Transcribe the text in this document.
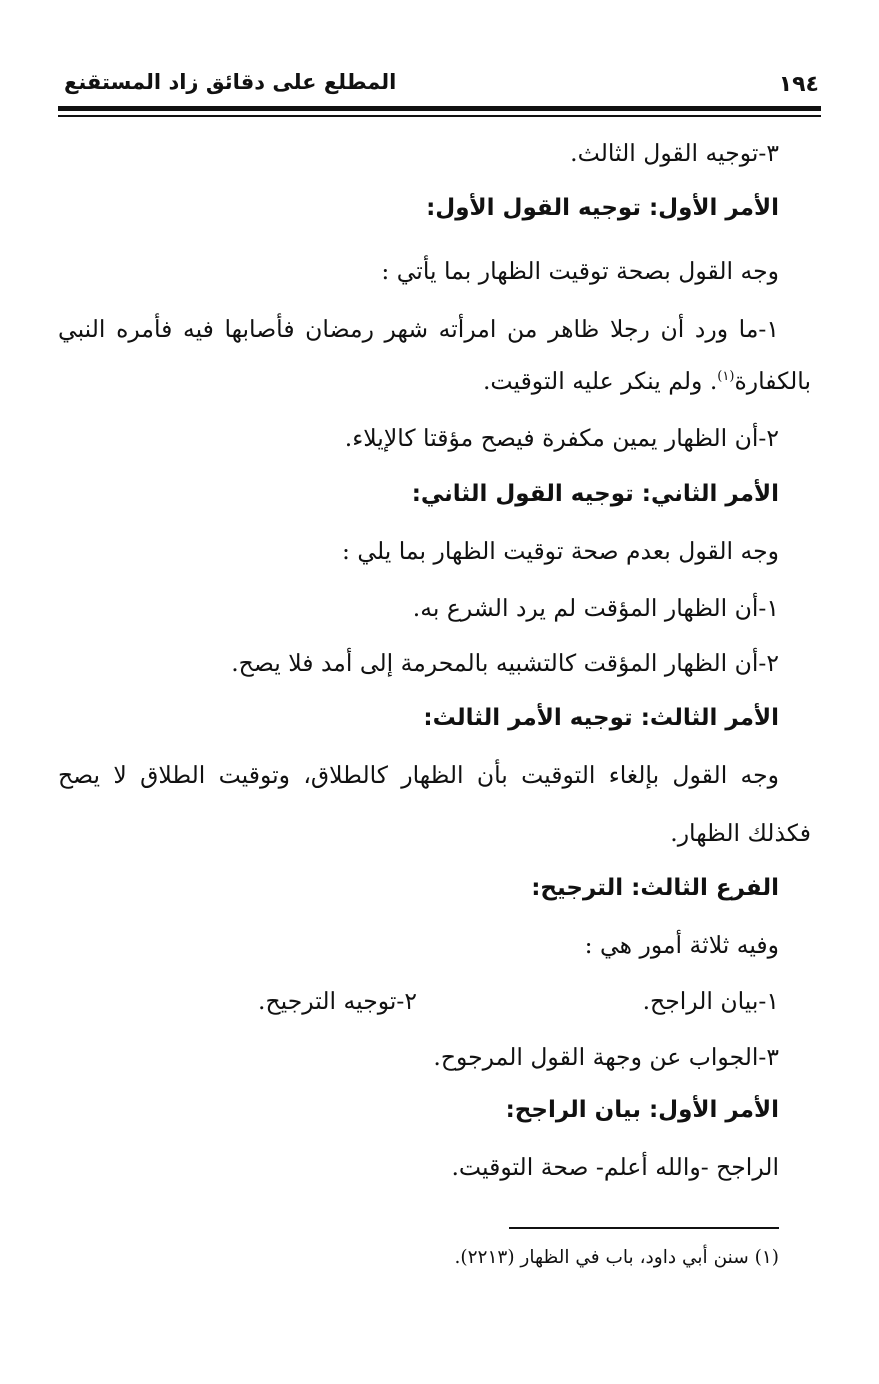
١٩٤
المطلع على دقائق زاد المستقنع
٣-توجيه القول الثالث.
الأمر الأول: توجيه القول الأول:
وجه القول بصحة توقيت الظهار بما يأتي :
١-ما ورد أن رجلا ظاهر من امرأته شهر رمضان فأصابها فيه فأمره النبي
بالكفارة$^{(١)}$. ولم ينكر عليه التوقيت.
٢-أن الظهار يمين مكفرة فيصح مؤقتا كالإيلاء.
الأمر الثاني: توجيه القول الثاني:
وجه القول بعدم صحة توقيت الظهار بما يلي :
١-أن الظهار المؤقت لم يرد الشرع به.
٢-أن الظهار المؤقت كالتشبيه بالمحرمة إلى أمد فلا يصح.
الأمر الثالث: توجيه الأمر الثالث:
وجه القول بإلغاء التوقيت بأن الظهار كالطلاق، وتوقيت الطلاق لا يصح
فكذلك الظهار.
الفرع الثالث: الترجيح:
وفيه ثلاثة أمور هي :
١-بيان الراجح.
٢-توجيه الترجيح.
٣-الجواب عن وجهة القول المرجوح.
الأمر الأول: بيان الراجح:
الراجح -والله أعلم- صحة التوقيت.
(١) سنن أبي داود، باب في الظهار (٢٢١٣).
